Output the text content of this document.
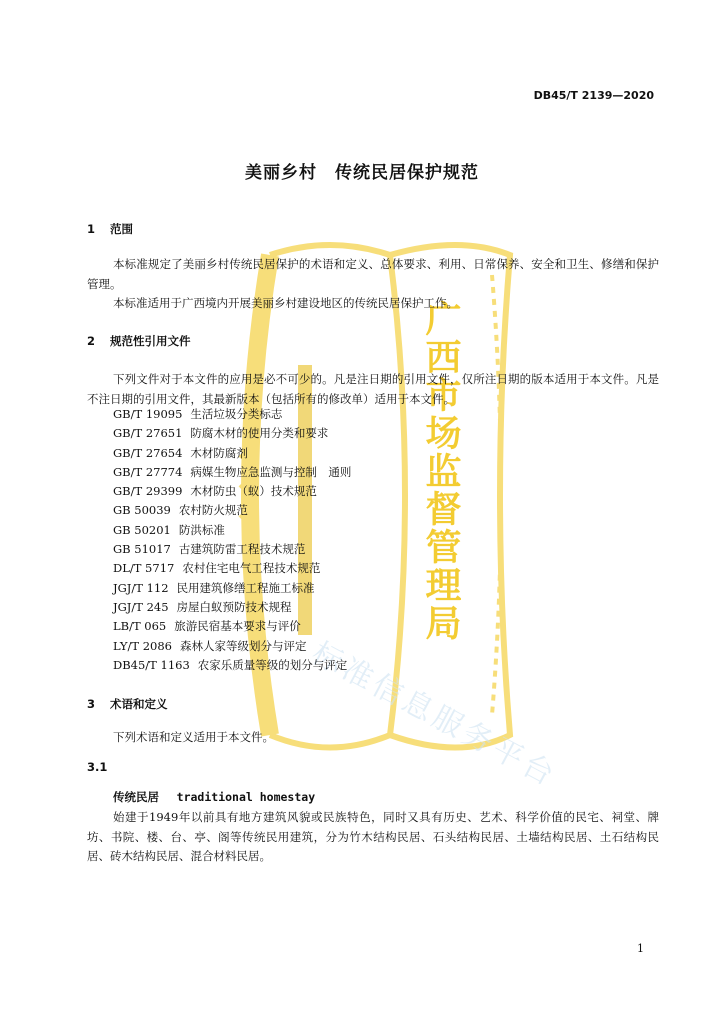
广西市场监督管理局
标准信息服务平台
DB45/T 2139—2020
美丽乡村　传统民居保护规范
1 范围
本标准规定了美丽乡村传统民居保护的术语和定义、总体要求、利用、日常保养、安全和卫生、修缮和保护管理。
本标准适用于广西境内开展美丽乡村建设地区的传统民居保护工作。
2 规范性引用文件
下列文件对于本文件的应用是必不可少的。凡是注日期的引用文件，仅所注日期的版本适用于本文件。凡是不注日期的引用文件，其最新版本（包括所有的修改单）适用于本文件。
GB/T 19095 生活垃圾分类标志
GB/T 27651 防腐木材的使用分类和要求
GB/T 27654 木材防腐剂
GB/T 27774 病媒生物应急监测与控制　通则
GB/T 29399 木材防虫（蚁）技术规范
GB 50039 农村防火规范
GB 50201 防洪标准
GB 51017 古建筑防雷工程技术规范
DL/T 5717 农村住宅电气工程技术规范
JGJ/T 112 民用建筑修缮工程施工标准
JGJ/T 245 房屋白蚁预防技术规程
LB/T 065 旅游民宿基本要求与评价
LY/T 2086 森林人家等级划分与评定
DB45/T 1163 农家乐质量等级的划分与评定
3 术语和定义
下列术语和定义适用于本文件。
3.1
传统民居 traditional homestay
始建于1949年以前具有地方建筑风貌或民族特色，同时又具有历史、艺术、科学价值的民宅、祠堂、牌坊、书院、楼、台、亭、阁等传统民用建筑，分为竹木结构民居、石头结构民居、土墙结构民居、土石结构民居、砖木结构民居、混合材料民居。
1
